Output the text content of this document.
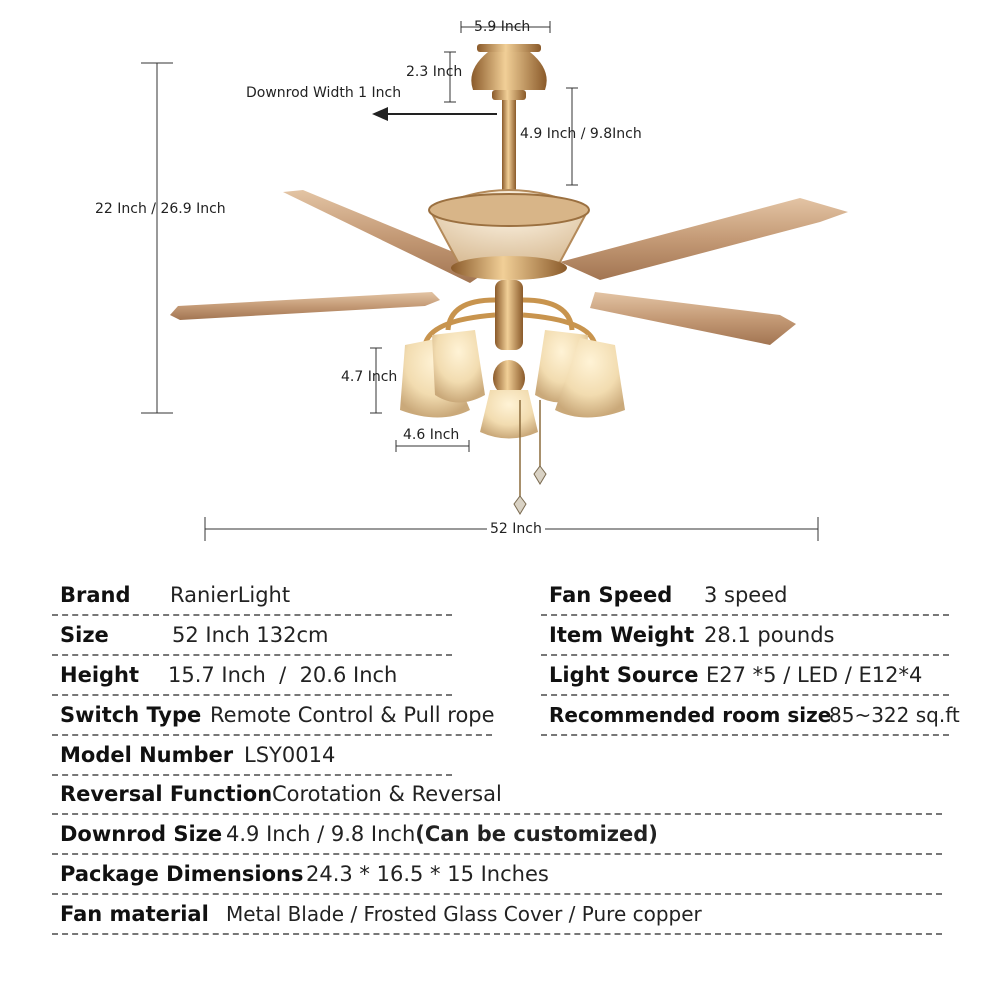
5.9 Inch
2.3 Inch
Downrod Width 1 Inch
4.9 Inch / 9.8Inch
22 Inch / 26.9 Inch
4.7 Inch
4.6 Inch
52 Inch
Brand RanierLight
Size	52 Inch 132cm
Height 15.7 Inch  /  20.6 Inch
Switch Type Remote Control & Pull rope
Model Number LSY0014
Reversal Function Corotation & Reversal
Downrod Size 4.9 Inch / 9.8 Inch(Can be customized)
Package Dimensions 24.3 * 16.5 * 15 Inches
Fan material Metal Blade / Frosted Glass Cover / Pure copper
Fan Speed 3 speed
Item Weight 28.1 pounds
Light Source E27 *5 / LED / E12*4
Recommended room size
85~322 sq.ft
